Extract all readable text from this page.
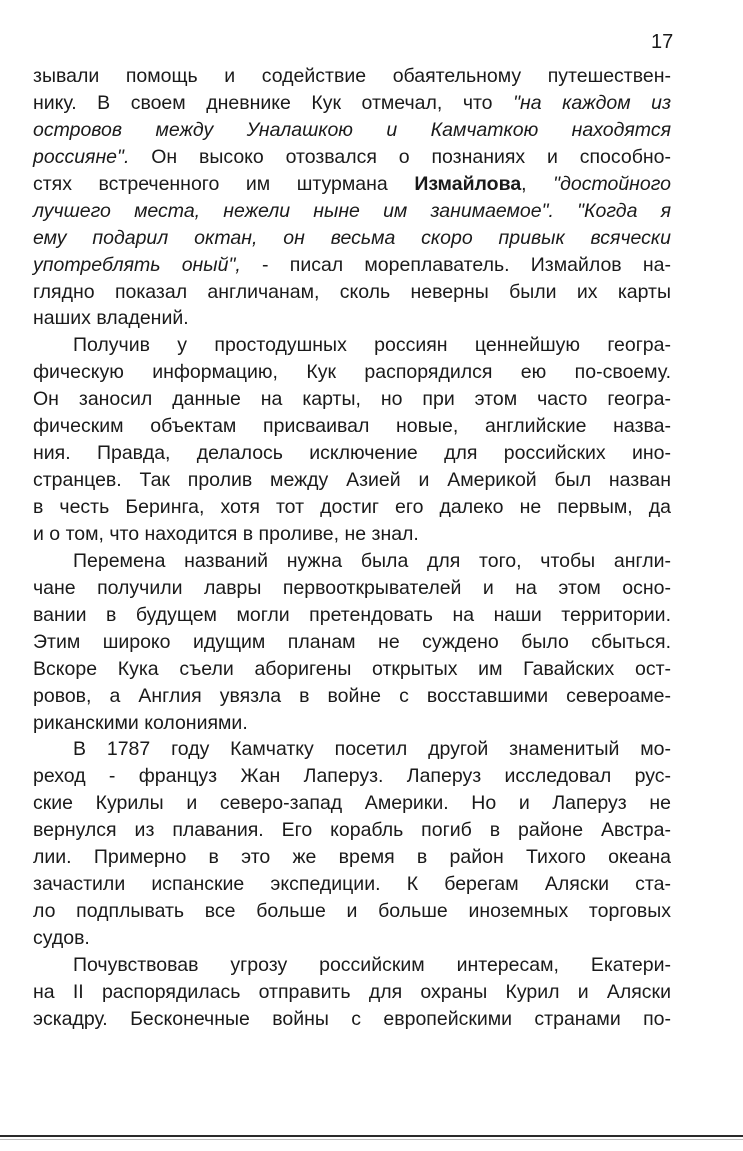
17
зывали помощь и содействие обаятельному путешествен-
нику. В своем дневнике Кук отмечал, что "на каждом из
островов между Уналашкою и Камчаткою находятся
россияне". Он высоко отозвался о познаниях и способно-
стях встреченного им штурмана Измайлова, "достойного
лучшего места, нежели ныне им занимаемое". "Когда я
ему подарил октан, он весьма скоро привык всячески
употреблять оный", - писал мореплаватель. Измайлов на-
глядно показал англичанам, сколь неверны были их карты
наших владений.
Получив у простодушных россиян ценнейшую геогра-
фическую информацию, Кук распорядился ею по-своему.
Он заносил данные на карты, но при этом часто геогра-
фическим объектам присваивал новые, английские назва-
ния. Правда, делалось исключение для российских ино-
странцев. Так пролив между Азией и Америкой был назван
в честь Беринга, хотя тот достиг его далеко не первым, да
и о том, что находится в проливе, не знал.
Перемена названий нужна была для того, чтобы англи-
чане получили лавры первооткрывателей и на этом осно-
вании в будущем могли претендовать на наши территории.
Этим широко идущим планам не суждено было сбыться.
Вскоре Кука съели аборигены открытых им Гавайских ост-
ровов, а Англия увязла в войне с восставшими североаме-
риканскими колониями.
В 1787 году Камчатку посетил другой знаменитый мо-
реход - француз Жан Лаперуз. Лаперуз исследовал рус-
ские Курилы и северо-запад Америки. Но и Лаперуз не
вернулся из плавания. Его корабль погиб в районе Австра-
лии. Примерно в это же время в район Тихого океана
зачастили испанские экспедиции. К берегам Аляски ста-
ло подплывать все больше и больше иноземных торговых
судов.
Почувствовав угрозу российским интересам, Екатери-
на II распорядилась отправить для охраны Курил и Аляски
эскадру. Бесконечные войны с европейскими странами по-
